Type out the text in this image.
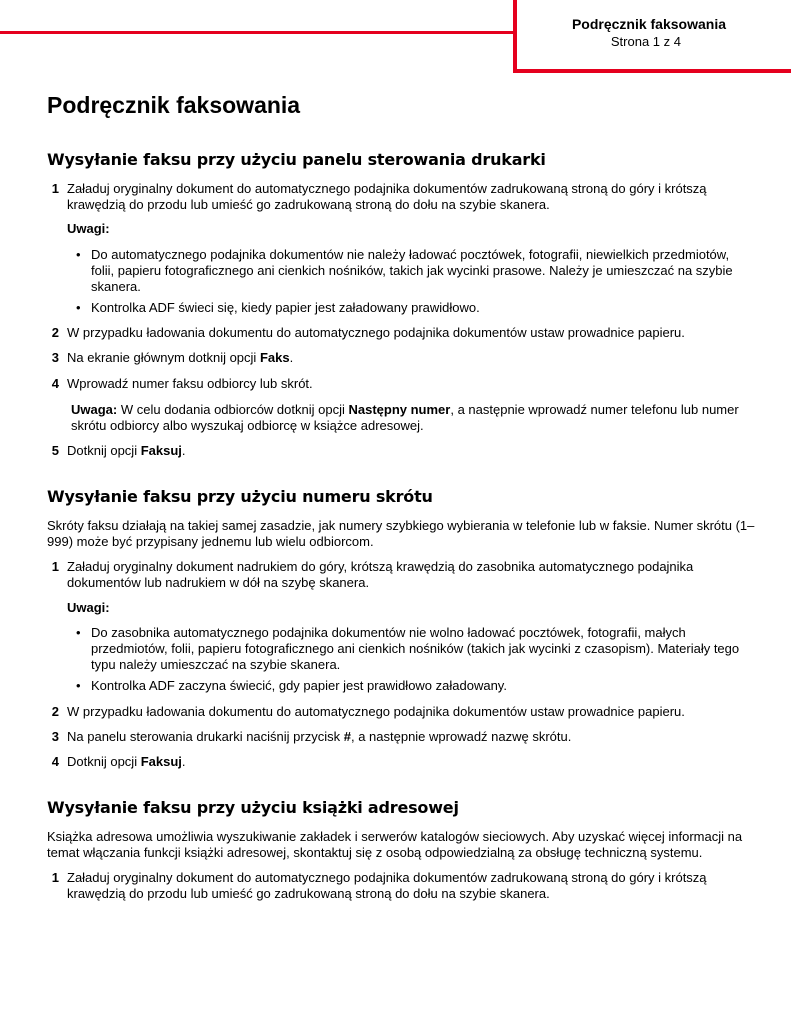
Podręcznik faksowania
Strona 1 z 4
Podręcznik faksowania
Wysyłanie faksu przy użyciu panelu sterowania drukarki
1 Załaduj oryginalny dokument do automatycznego podajnika dokumentów zadrukowaną stroną do góry i krótszą krawędzią do przodu lub umieść go zadrukowaną stroną do dołu na szybie skanera.
Uwagi:
• Do automatycznego podajnika dokumentów nie należy ładować pocztówek, fotografii, niewielkich przedmiotów, folii, papieru fotograficznego ani cienkich nośników, takich jak wycinki prasowe. Należy je umieszczać na szybie skanera.
• Kontrolka ADF świeci się, kiedy papier jest załadowany prawidłowo.
2 W przypadku ładowania dokumentu do automatycznego podajnika dokumentów ustaw prowadnice papieru.
3 Na ekranie głównym dotknij opcji Faks.
4 Wprowadź numer faksu odbiorcy lub skrót.
Uwaga: W celu dodania odbiorców dotknij opcji Następny numer, a następnie wprowadź numer telefonu lub numer skrótu odbiorcy albo wyszukaj odbiorcę w książce adresowej.
5 Dotknij opcji Faksuj.
Wysyłanie faksu przy użyciu numeru skrótu

Skróty faksu działają na takiej samej zasadzie, jak numery szybkiego wybierania w telefonie lub w faksie. Numer skrótu (1–999) może być przypisany jednemu lub wielu odbiorcom.

1 Załaduj oryginalny dokument nadrukiem do góry, krótszą krawędzią do zasobnika automatycznego podajnika dokumentów lub nadrukiem w dół na szybę skanera.
Uwagi:
• Do zasobnika automatycznego podajnika dokumentów nie wolno ładować pocztówek, fotografii, małych przedmiotów, folii, papieru fotograficznego ani cienkich nośników (takich jak wycinki z czasopism). Materiały tego typu należy umieszczać na szybie skanera.
• Kontrolka ADF zaczyna świecić, gdy papier jest prawidłowo załadowany.
2 W przypadku ładowania dokumentu do automatycznego podajnika dokumentów ustaw prowadnice papieru.
3 Na panelu sterowania drukarki naciśnij przycisk #, a następnie wprowadź nazwę skrótu.
4 Dotknij opcji Faksuj.
Wysyłanie faksu przy użyciu książki adresowej

Książka adresowa umożliwia wyszukiwanie zakładek i serwerów katalogów sieciowych. Aby uzyskać więcej informacji na temat włączania funkcji książki adresowej, skontaktuj się z osobą odpowiedzialną za obsługę techniczną systemu.

1 Załaduj oryginalny dokument do automatycznego podajnika dokumentów zadrukowaną stroną do góry i krótszą krawędzią do przodu lub umieść go zadrukowaną stroną do dołu na szybie skanera.
